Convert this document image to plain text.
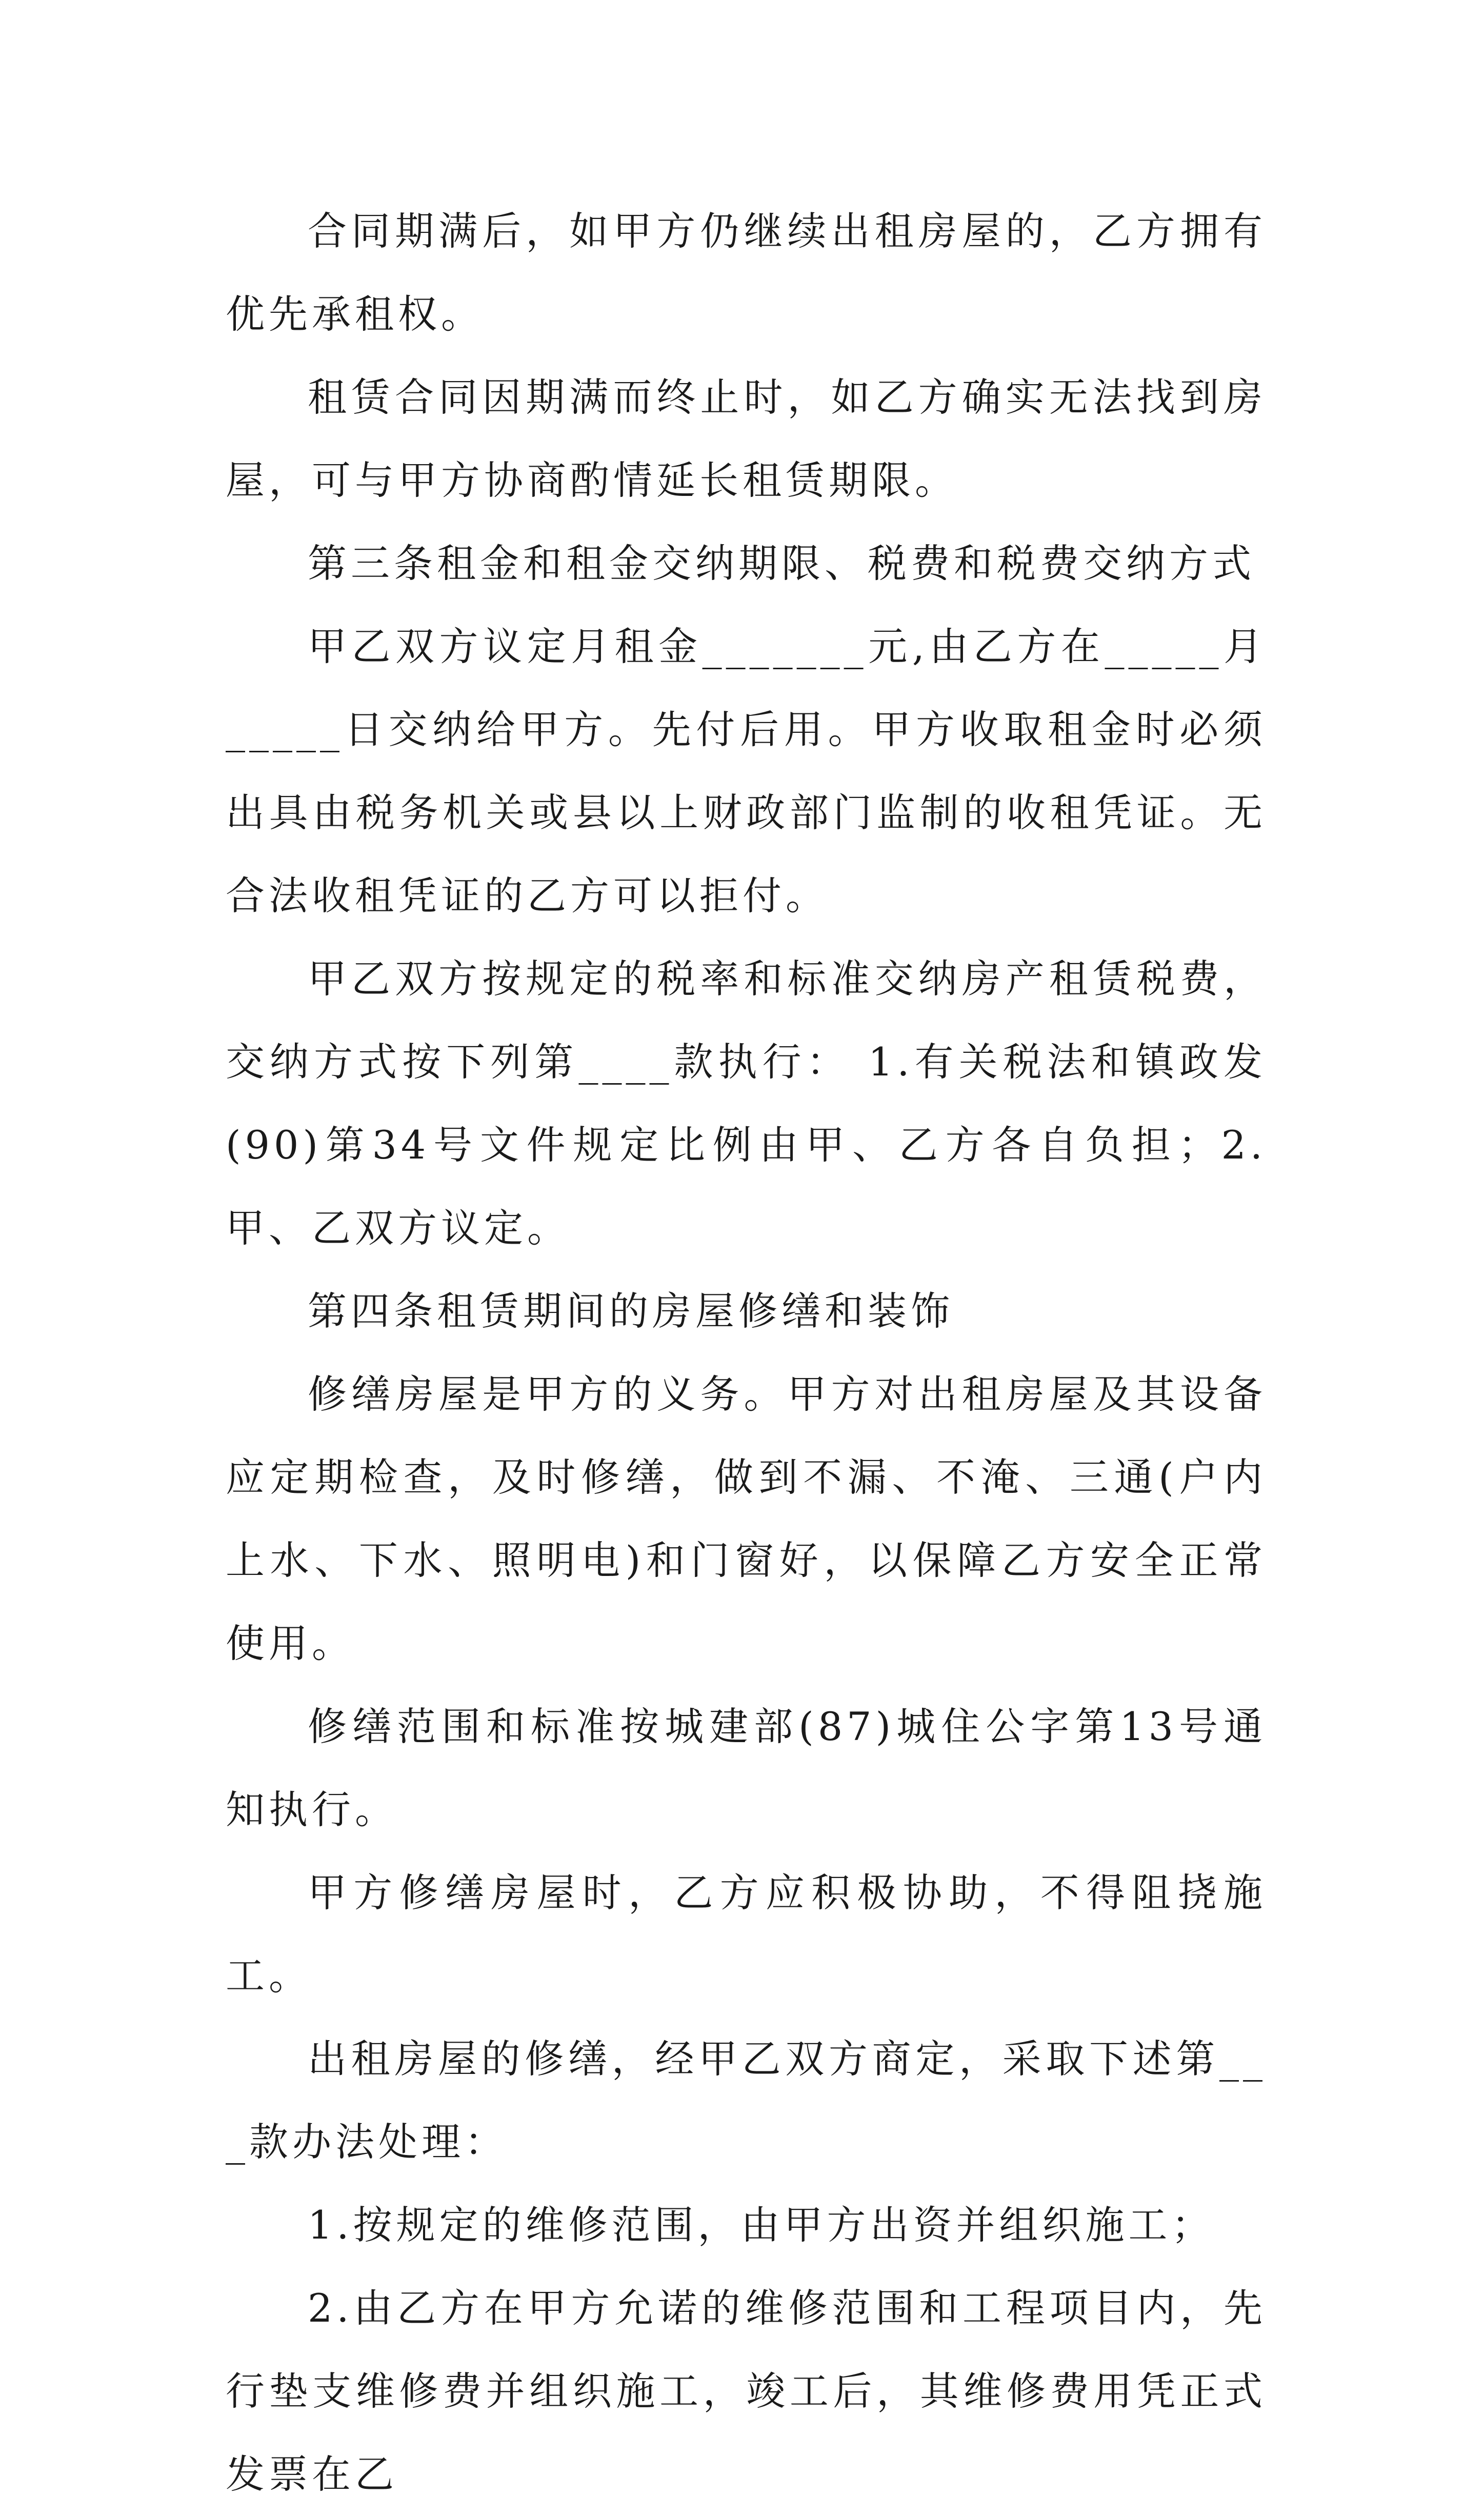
合同期满后，如甲方仍继续出租房屋的，乙方拥有优先承租权。

租赁合同因期满而终止时，如乙方确实无法找到房屋，可与甲方协商酌情延长租赁期限。

第三条租金和租金交纳期限、税费和税费交纳方式

甲乙双方议定月租金_______元,由乙方在_____月_____日交纳给甲方。先付后用。甲方收取租金时必须出具由税务机关或县以上财政部门监制的收租凭证。无合法收租凭证的乙方可以拒付。

甲乙双方按规定的税率和标准交纳房产租赁税费，交纳方式按下列第____款执行： 1.有关税法和镇政发(90)第34号文件规定比例由甲、乙方各自负担；2.甲、乙双方议定。

第四条租赁期间的房屋修缮和装饰

修缮房屋是甲方的义务。甲方对出租房屋及其设备应定期检查，及时修缮，做到不漏、不淹、三通(户内上水、下水、照明电)和门窗好，以保障乙方安全正常使用。

修缮范围和标准按城建部(87)城住公字第13号通知执行。

甲方修缮房屋时，乙方应积极协助，不得阻挠施工。

出租房屋的修缮，经甲乙双方商定，采取下述第___款办法处理：

1.按规定的维修范围，由甲方出资并组织施工；

2.由乙方在甲方允诺的维修范围和工程项目内，先行垫支维修费并组织施工，竣工后，其维修费用凭正式发票在乙
